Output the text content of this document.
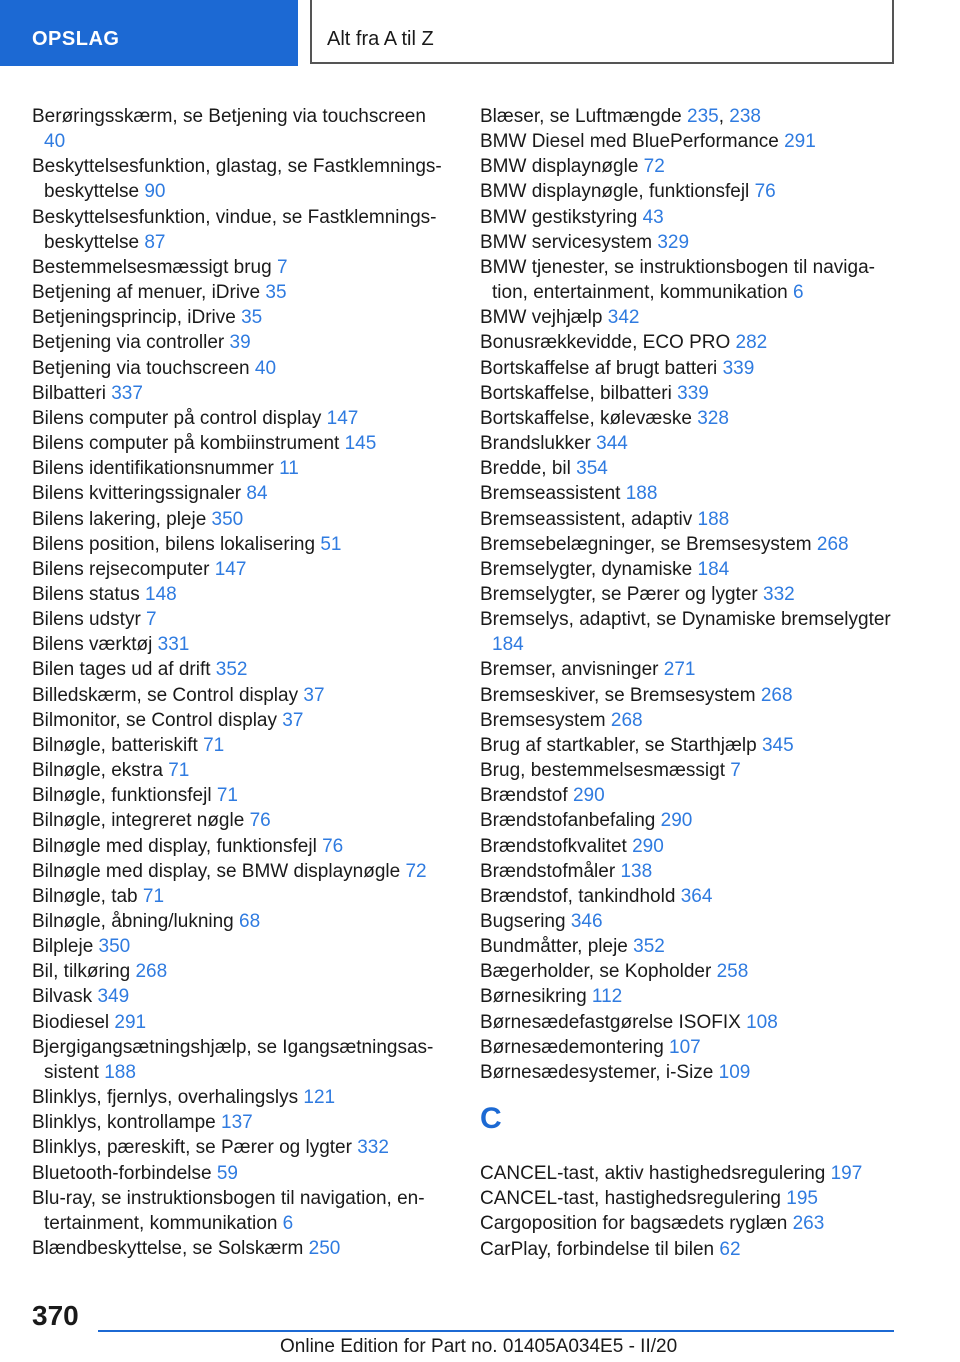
OPSLAG	Alt fra A til Z
Berøringsskærm, se Betjening via touchscreen 40
Beskyttelsesfunktion, glastag, se Fastklemningsbeskyttelse 90
Beskyttelsesfunktion, vindue, se Fastklemningsbeskyttelse 87
Bestemmelsesmæssigt brug 7
Betjening af menuer, iDrive 35
Betjeningsprincip, iDrive 35
Betjening via controller 39
Betjening via touchscreen 40
Bilbatteri 337
Bilens computer på control display 147
Bilens computer på kombiinstrument 145
Bilens identifikationsnummer 11
Bilens kvitteringssignaler 84
Bilens lakering, pleje 350
Bilens position, bilens lokalisering 51
Bilens rejsecomputer 147
Bilens status 148
Bilens udstyr 7
Bilens værktøj 331
Bilen tages ud af drift 352
Billedskærm, se Control display 37
Bilmonitor, se Control display 37
Bilnøgle, batteriskift 71
Bilnøgle, ekstra 71
Bilnøgle, funktionsfejl 71
Bilnøgle, integreret nøgle 76
Bilnøgle med display, funktionsfejl 76
Bilnøgle med display, se BMW displaynøgle 72
Bilnøgle, tab 71
Bilnøgle, åbning/lukning 68
Bilpleje 350
Bil, tilkøring 268
Bilvask 349
Biodiesel 291
Bjergigangsætningshjælp, se Igangsætningsassistent 188
Blinklys, fjernlys, overhalingslys 121
Blinklys, kontrollampe 137
Blinklys, pæreskift, se Pærer og lygter 332
Bluetooth-forbindelse 59
Blu-ray, se instruktionsbogen til navigation, entertainment, kommunikation 6
Blændbeskyttelse, se Solskærm 250
Blæser, se Luftmængde 235, 238
BMW Diesel med BluePerformance 291
BMW displaynøgle 72
BMW displaynøgle, funktionsfejl 76
BMW gestikstyring 43
BMW servicesystem 329
BMW tjenester, se instruktionsbogen til navigation, entertainment, kommunikation 6
BMW vejhjælp 342
Bonusrækkevidde, ECO PRO 282
Bortskaffelse af brugt batteri 339
Bortskaffelse, bilbatteri 339
Bortskaffelse, kølevæske 328
Brandslukker 344
Bredde, bil 354
Bremseassistent 188
Bremseassistent, adaptiv 188
Bremsebelægninger, se Bremsesystem 268
Bremselygter, dynamiske 184
Bremselygter, se Pærer og lygter 332
Bremselys, adaptivt, se Dynamiske bremselygter 184
Bremser, anvisninger 271
Bremseskiver, se Bremsesystem 268
Bremsesystem 268
Brug af startkabler, se Starthjælp 345
Brug, bestemmelsesmæssigt 7
Brændstof 290
Brændstofanbefaling 290
Brændstofkvalitet 290
Brændstofmåler 138
Brændstof, tankindhold 364
Bugsering 346
Bundmåtter, pleje 352
Bægerholder, se Kopholder 258
Børnesikring 112
Børnesædefastgørelse ISOFIX 108
Børnesædemontering 107
Børnesædesystemer, i-Size 109
C
CANCEL-tast, aktiv hastighedsregulering 197
CANCEL-tast, hastighedsregulering 195
Cargoposition for bagsædets ryglæn 263
CarPlay, forbindelse til bilen 62
370
Online Edition for Part no. 01405A034E5 - II/20
